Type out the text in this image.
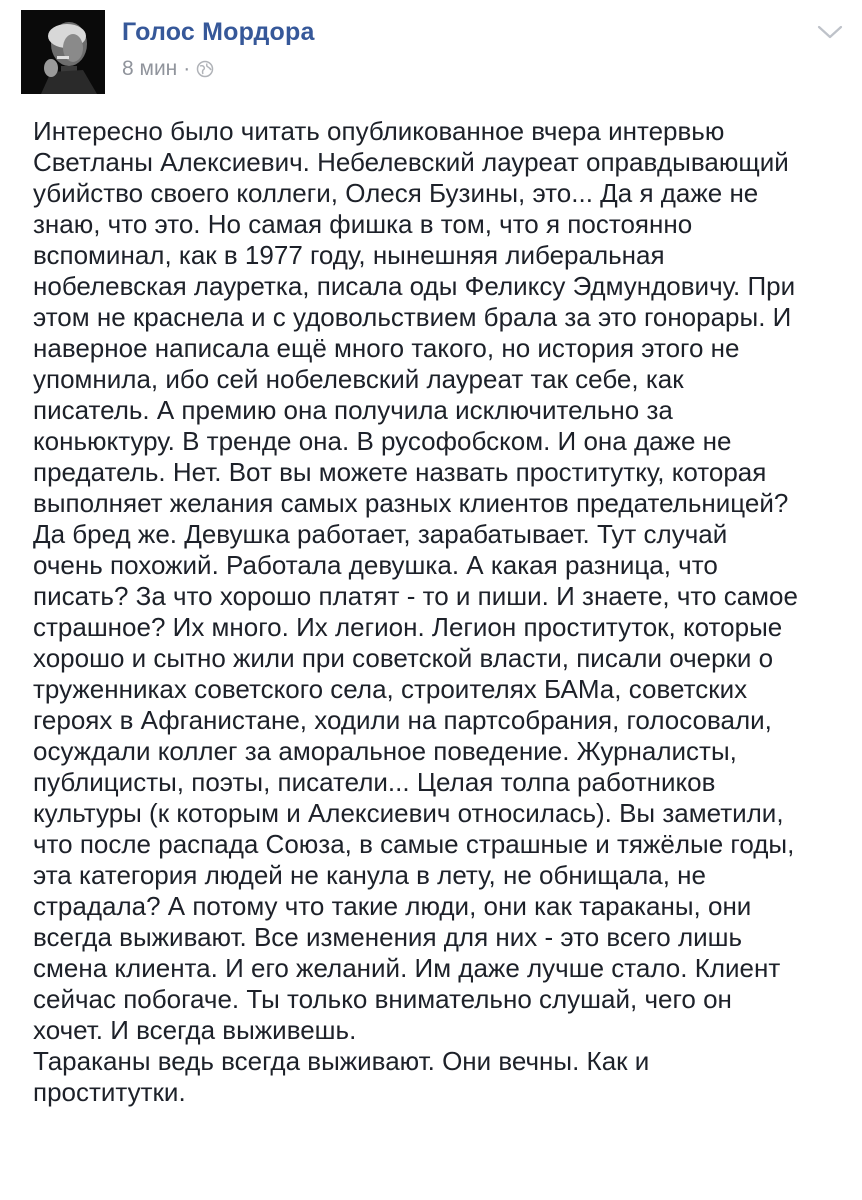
Голос Мордора
8 мин ·
Интересно было читать опубликованное вчера интервью
Светланы Алексиевич. Небелевский лауреат оправдывающий
убийство своего коллеги, Олеся Бузины, это... Да я даже не
знаю, что это. Но самая фишка в том, что я постоянно
вспоминал, как в 1977 году, нынешняя либеральная
нобелевская лауретка, писала оды Феликсу Эдмундовичу. При
этом не краснела и с удовольствием брала за это гонорары. И
наверное написала ещё много такого, но история этого не
упомнила, ибо сей нобелевский лауреат так себе, как
писатель. А премию она получила исключительно за
коньюктуру. В тренде она. В русофобском. И она даже не
предатель. Нет. Вот вы можете назвать проститутку, которая
выполняет желания самых разных клиентов предательницей?
Да бред же. Девушка работает, зарабатывает. Тут случай
очень похожий. Работала девушка. А какая разница, что
писать? За что хорошо платят - то и пиши. И знаете, что самое
страшное? Их много. Их легион. Легион проституток, которые
хорошо и сытно жили при советской власти, писали очерки о
труженниках советского села, строителях БАМа, советских
героях в Афганистане, ходили на партсобрания, голосовали,
осуждали коллег за аморальное поведение. Журналисты,
публицисты, поэты, писатели... Целая толпа работников
культуры (к которым и Алексиевич относилась). Вы заметили,
что после распада Союза, в самые страшные и тяжёлые годы,
эта категория людей не канула в лету, не обнищала, не
страдала? А потому что такие люди, они как тараканы, они
всегда выживают. Все изменения для них - это всего лишь
смена клиента. И его желаний. Им даже лучше стало. Клиент
сейчас побогаче. Ты только внимательно слушай, чего он
хочет. И всегда выживешь.
Тараканы ведь всегда выживают. Они вечны. Как и
проститутки.
